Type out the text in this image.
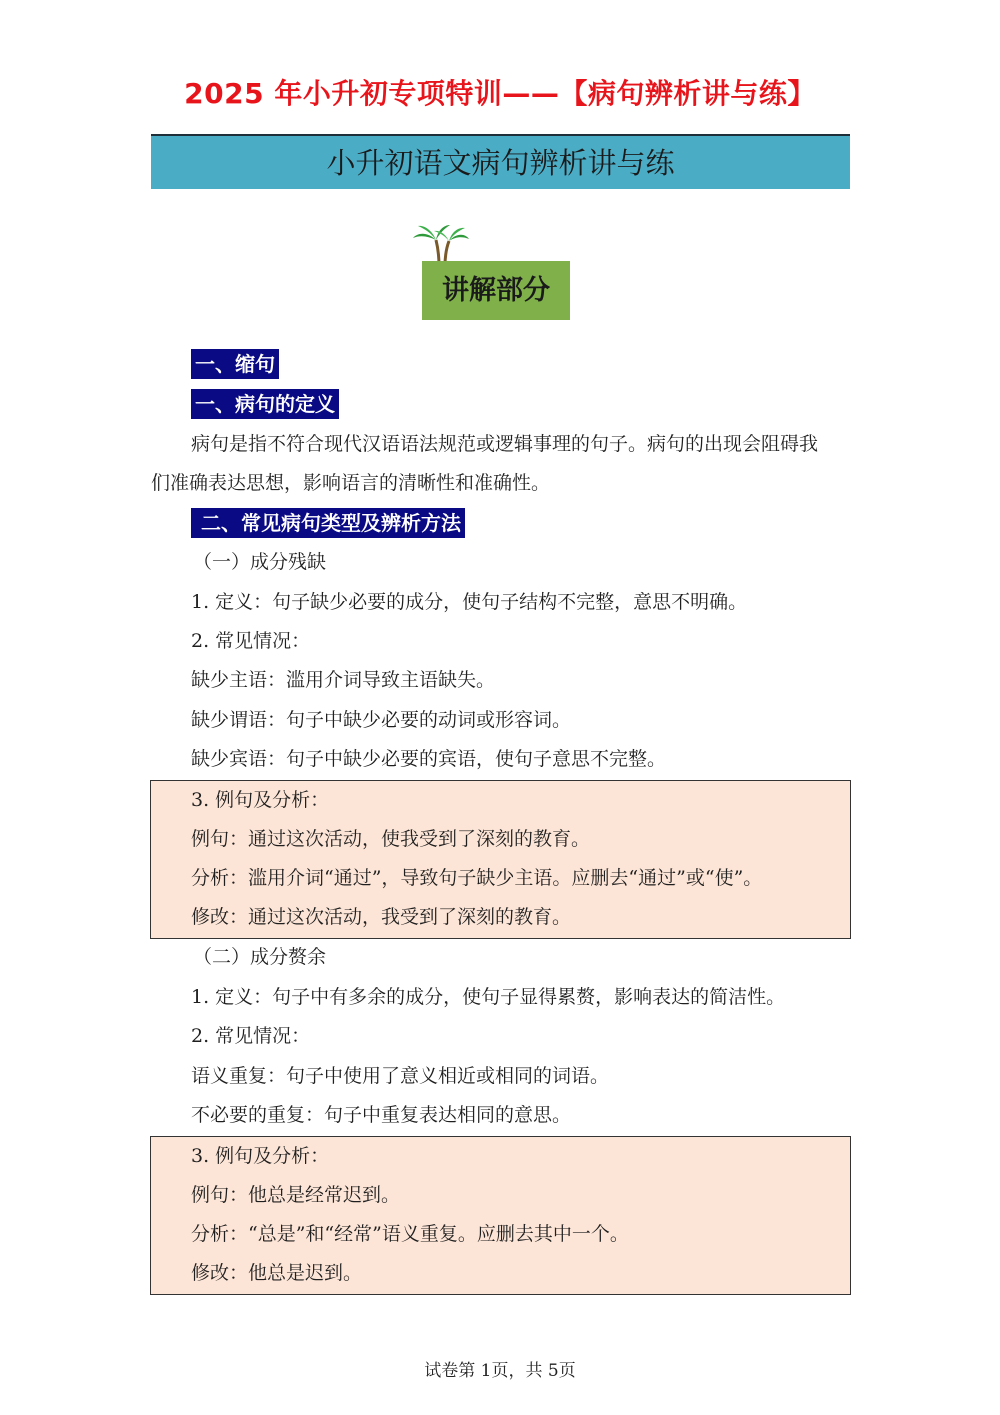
2025 年小升初专项特训——【病句辨析讲与练】
小升初语文病句辨析讲与练
讲解部分
一、缩句
一、病句的定义
病句是指不符合现代汉语语法规范或逻辑事理的句子。病句的出现会阻碍我
们准确表达思想，影响语言的清晰性和准确性。
二、常见病句类型及辨析方法
（一）成分残缺
1. 定义：句子缺少必要的成分，使句子结构不完整，意思不明确。
2. 常见情况：
缺少主语：滥用介词导致主语缺失。
缺少谓语：句子中缺少必要的动词或形容词。
缺少宾语：句子中缺少必要的宾语，使句子意思不完整。
3. 例句及分析：
例句：通过这次活动，使我受到了深刻的教育。
分析：滥用介词“通过”，导致句子缺少主语。应删去“通过”或“使”。
修改：通过这次活动，我受到了深刻的教育。
（二）成分赘余
1. 定义：句子中有多余的成分，使句子显得累赘，影响表达的简洁性。
2. 常见情况：
语义重复：句子中使用了意义相近或相同的词语。
不必要的重复：句子中重复表达相同的意思。
3. 例句及分析：
例句：他总是经常迟到。
分析：“总是”和“经常”语义重复。应删去其中一个。
修改：他总是迟到。
试卷第 1页，共 5页
